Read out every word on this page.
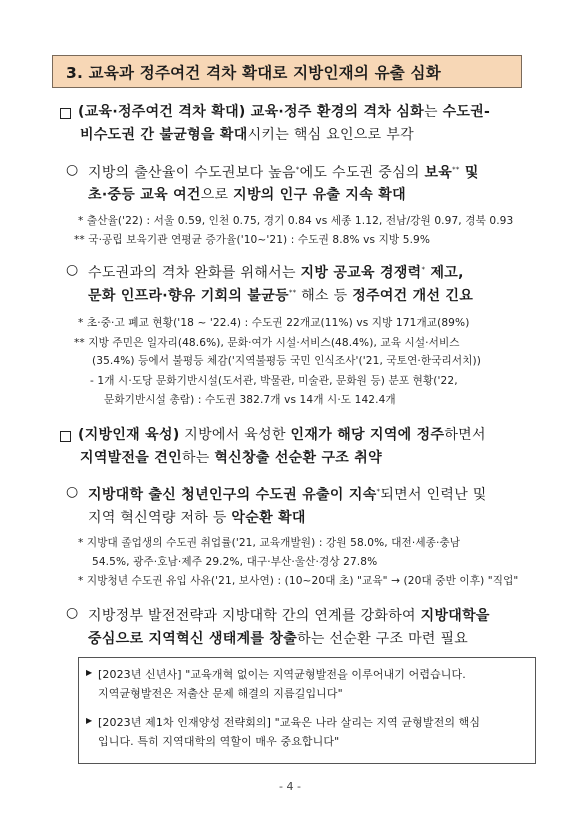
3. 교육과 정주여건 격차 확대로 지방인재의 유출 심화
(교육·정주여건 격차 확대) 교육·정주 환경의 격차 심화는 수도권-
비수도권 간 불균형을 확대시키는 핵심 요인으로 부각
○ 지방의 출산율이 수도권보다 높음*에도 수도권 중심의 보육** 및
초·중등 교육 여건으로 지방의 인구 유출 지속 확대
* 출산율('22) : 서울 0.59, 인천 0.75, 경기 0.84 vs 세종 1.12, 전남/강원 0.97, 경북 0.93
** 국·공립 보육기관 연평균 증가율('10~'21) : 수도권 8.8% vs 지방 5.9%
○ 수도권과의 격차 완화를 위해서는 지방 공교육 경쟁력* 제고,
문화 인프라·향유 기회의 불균등** 해소 등 정주여건 개선 긴요
* 초·중·고 폐교 현황('18 ~ '22.4) : 수도권 22개교(11%) vs 지방 171개교(89%)
** 지방 주민은 일자리(48.6%), 문화·여가 시설·서비스(48.4%), 교육 시설·서비스
(35.4%) 등에서 불평등 체감('지역불평등 국민 인식조사'('21, 국토연·한국리서치))
- 1개 시·도당 문화기반시설(도서관, 박물관, 미술관, 문화원 등) 분포 현황('22,
문화기반시설 총람) : 수도권 382.7개 vs 14개 시·도 142.4개
(지방인재 육성) 지방에서 육성한 인재가 해당 지역에 정주하면서
지역발전을 견인하는 혁신창출 선순환 구조 취약
○ 지방대학 출신 청년인구의 수도권 유출이 지속*되면서 인력난 및
지역 혁신역량 저하 등 악순환 확대
* 지방대 졸업생의 수도권 취업률('21, 교육개발원) : 강원 58.0%, 대전·세종·충남
54.5%, 광주·호남·제주 29.2%, 대구·부산·울산·경상 27.8%
* 지방청년 수도권 유입 사유('21, 보사연) : (10~20대 초) "교육" → (20대 중반 이후) "직업"
○ 지방정부 발전전략과 지방대학 간의 연계를 강화하여 지방대학을
중심으로 지역혁신 생태계를 창출하는 선순환 구조 마련 필요
▶ [2023년 신년사] "교육개혁 없이는 지역균형발전을 이루어내기 어렵습니다.
지역균형발전은 저출산 문제 해결의 지름길입니다"
▶ [2023년 제1차 인재양성 전략회의] "교육은 나라 살리는 지역 균형발전의 핵심
입니다. 특히 지역대학의 역할이 매우 중요합니다"
- 4 -
